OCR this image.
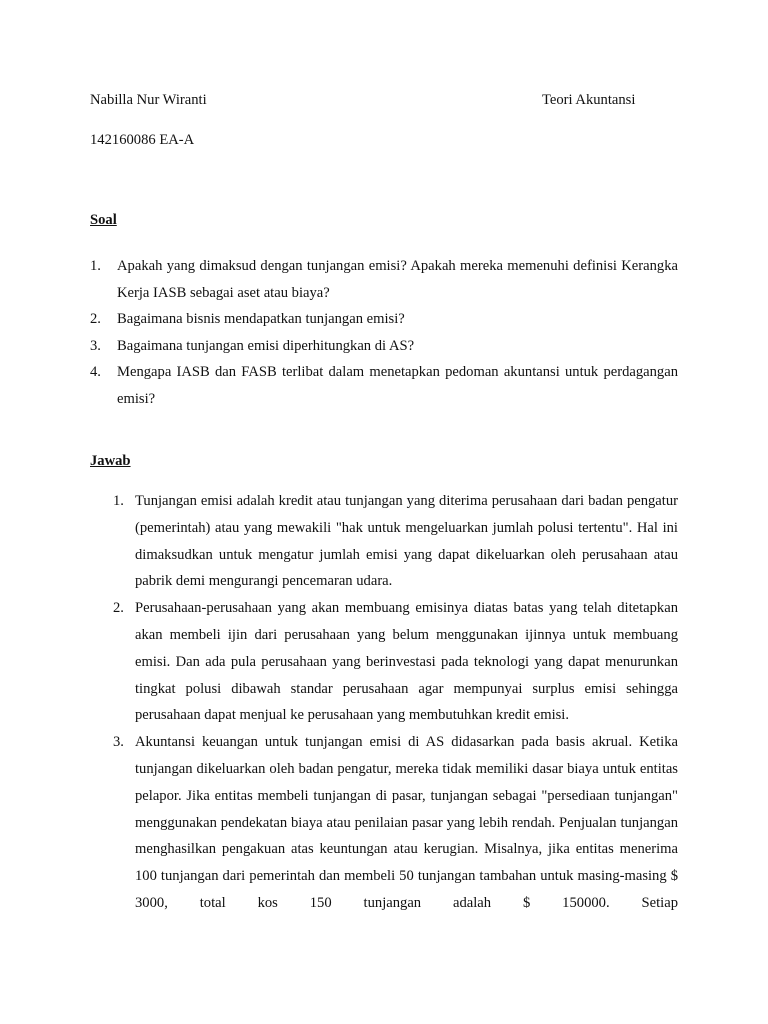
Nabilla Nur Wiranti	Teori Akuntansi
142160086 EA-A
Soal
1. Apakah yang dimaksud dengan tunjangan emisi? Apakah mereka memenuhi definisi Kerangka Kerja IASB sebagai aset atau biaya?
2. Bagaimana bisnis mendapatkan tunjangan emisi?
3. Bagaimana tunjangan emisi diperhitungkan di AS?
4. Mengapa IASB dan FASB terlibat dalam menetapkan pedoman akuntansi untuk perdagangan emisi?
Jawab
1. Tunjangan emisi adalah kredit atau tunjangan yang diterima perusahaan dari badan pengatur (pemerintah) atau yang mewakili "hak untuk mengeluarkan jumlah polusi tertentu". Hal ini dimaksudkan untuk mengatur jumlah emisi yang dapat dikeluarkan oleh perusahaan atau pabrik demi mengurangi pencemaran udara.
2. Perusahaan-perusahaan yang akan membuang emisinya diatas batas yang telah ditetapkan akan membeli ijin dari perusahaan yang belum menggunakan ijinnya untuk membuang emisi. Dan ada pula perusahaan yang berinvestasi pada teknologi yang dapat menurunkan tingkat polusi dibawah standar perusahaan agar mempunyai surplus emisi sehingga perusahaan dapat menjual ke perusahaan yang membutuhkan kredit emisi.
3. Akuntansi keuangan untuk tunjangan emisi di AS didasarkan pada basis akrual. Ketika tunjangan dikeluarkan oleh badan pengatur, mereka tidak memiliki dasar biaya untuk entitas pelapor. Jika entitas membeli tunjangan di pasar, tunjangan sebagai "persediaan tunjangan" menggunakan pendekatan biaya atau penilaian pasar yang lebih rendah. Penjualan tunjangan menghasilkan pengakuan atas keuntungan atau kerugian. Misalnya, jika entitas menerima 100 tunjangan dari pemerintah dan membeli 50 tunjangan tambahan untuk masing-masing $ 3000, total kos 150 tunjangan adalah $ 150000. Setiap
